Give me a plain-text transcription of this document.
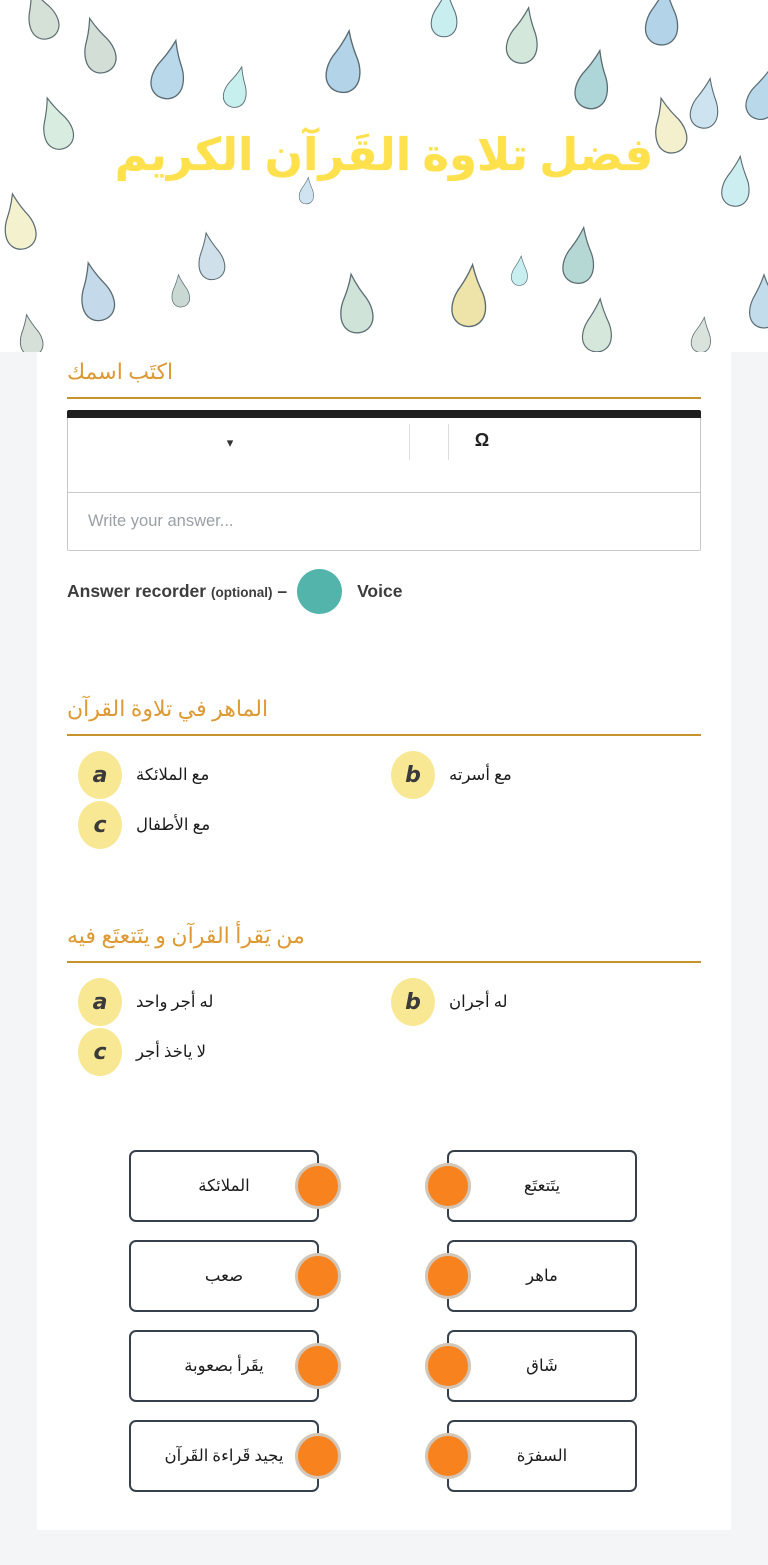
فضل تلاوة القَرآن الكريم
اكتَب اسمك
▾	Ω
Write your answer...
Answer recorder (optional) –	Voice
الماهر في تلاوة القرآن
a	مع الملائكة	b	مع أسرته
c	مع الأطفال
من يَقرأ القرآن و يتَتعتَع فيه
a	له أجر واحد	b	له أجران
c	لا ياخذ أجر
الملائكة	يتَتعتَع
صعب	ماهر
يقَرأ بصعوبة	شَاق
يجيد قَراءة القَرآن	السفرَة
